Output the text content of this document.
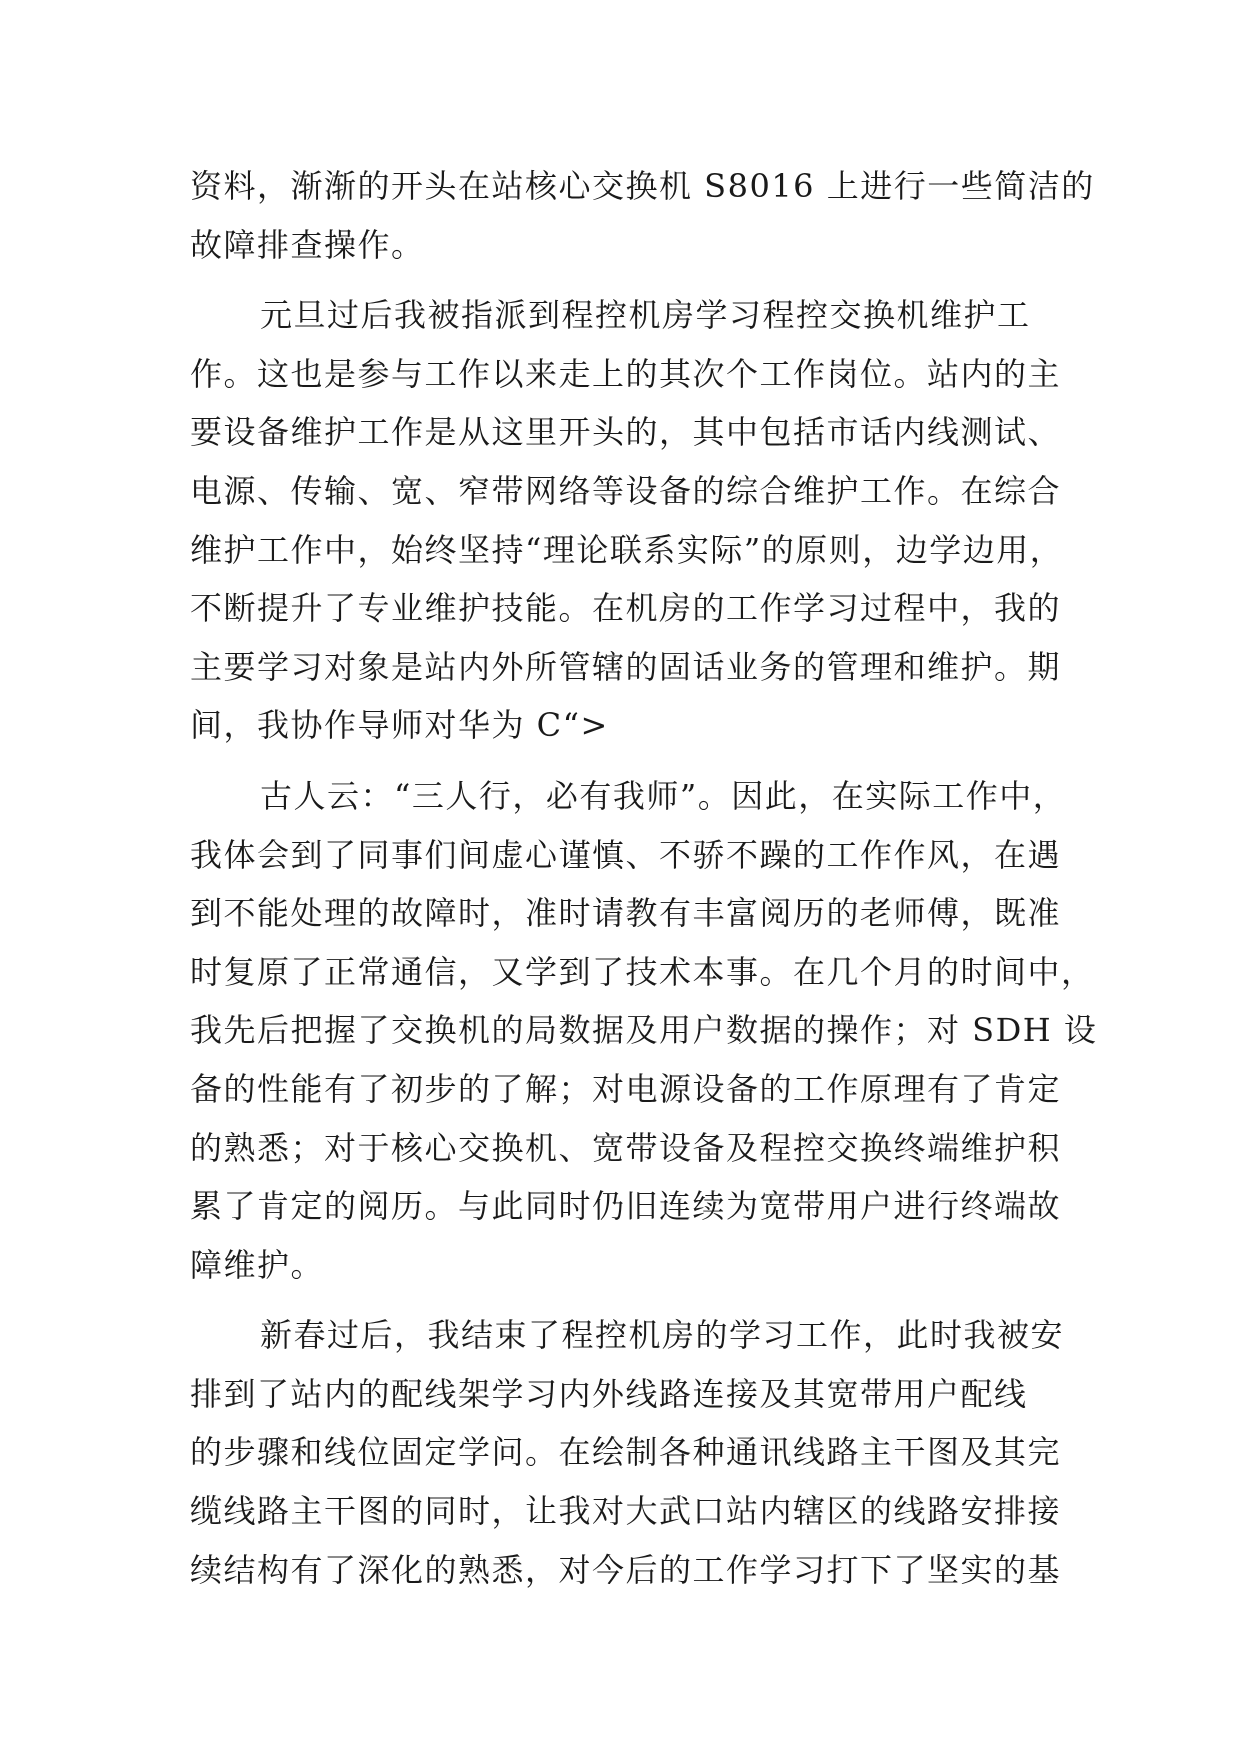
资料，渐渐的开头在站核心交换机 S8016 上进行一些简洁的
故障排查操作。
元旦过后我被指派到程控机房学习程控交换机维护工
作。这也是参与工作以来走上的其次个工作岗位。站内的主
要设备维护工作是从这里开头的，其中包括市话内线测试、
电源、传输、宽、窄带网络等设备的综合维护工作。在综合
维护工作中，始终坚持“理论联系实际”的原则，边学边用，
不断提升了专业维护技能。在机房的工作学习过程中，我的
主要学习对象是站内外所管辖的固话业务的管理和维护。期
间，我协作导师对华为 C“>
古人云：“三人行，必有我师”。因此，在实际工作中，
我体会到了同事们间虚心谨慎、不骄不躁的工作作风，在遇
到不能处理的故障时，准时请教有丰富阅历的老师傅，既准
时复原了正常通信，又学到了技术本事。在几个月的时间中，
我先后把握了交换机的局数据及用户数据的操作；对 SDH 设
备的性能有了初步的了解；对电源设备的工作原理有了肯定
的熟悉；对于核心交换机、宽带设备及程控交换终端维护积
累了肯定的阅历。与此同时仍旧连续为宽带用户进行终端故
障维护。
新春过后，我结束了程控机房的学习工作，此时我被安
排到了站内的配线架学习内外线路连接及其宽带用户配线
的步骤和线位固定学问。在绘制各种通讯线路主干图及其完
缆线路主干图的同时，让我对大武口站内辖区的线路安排接
续结构有了深化的熟悉，对今后的工作学习打下了坚实的基
